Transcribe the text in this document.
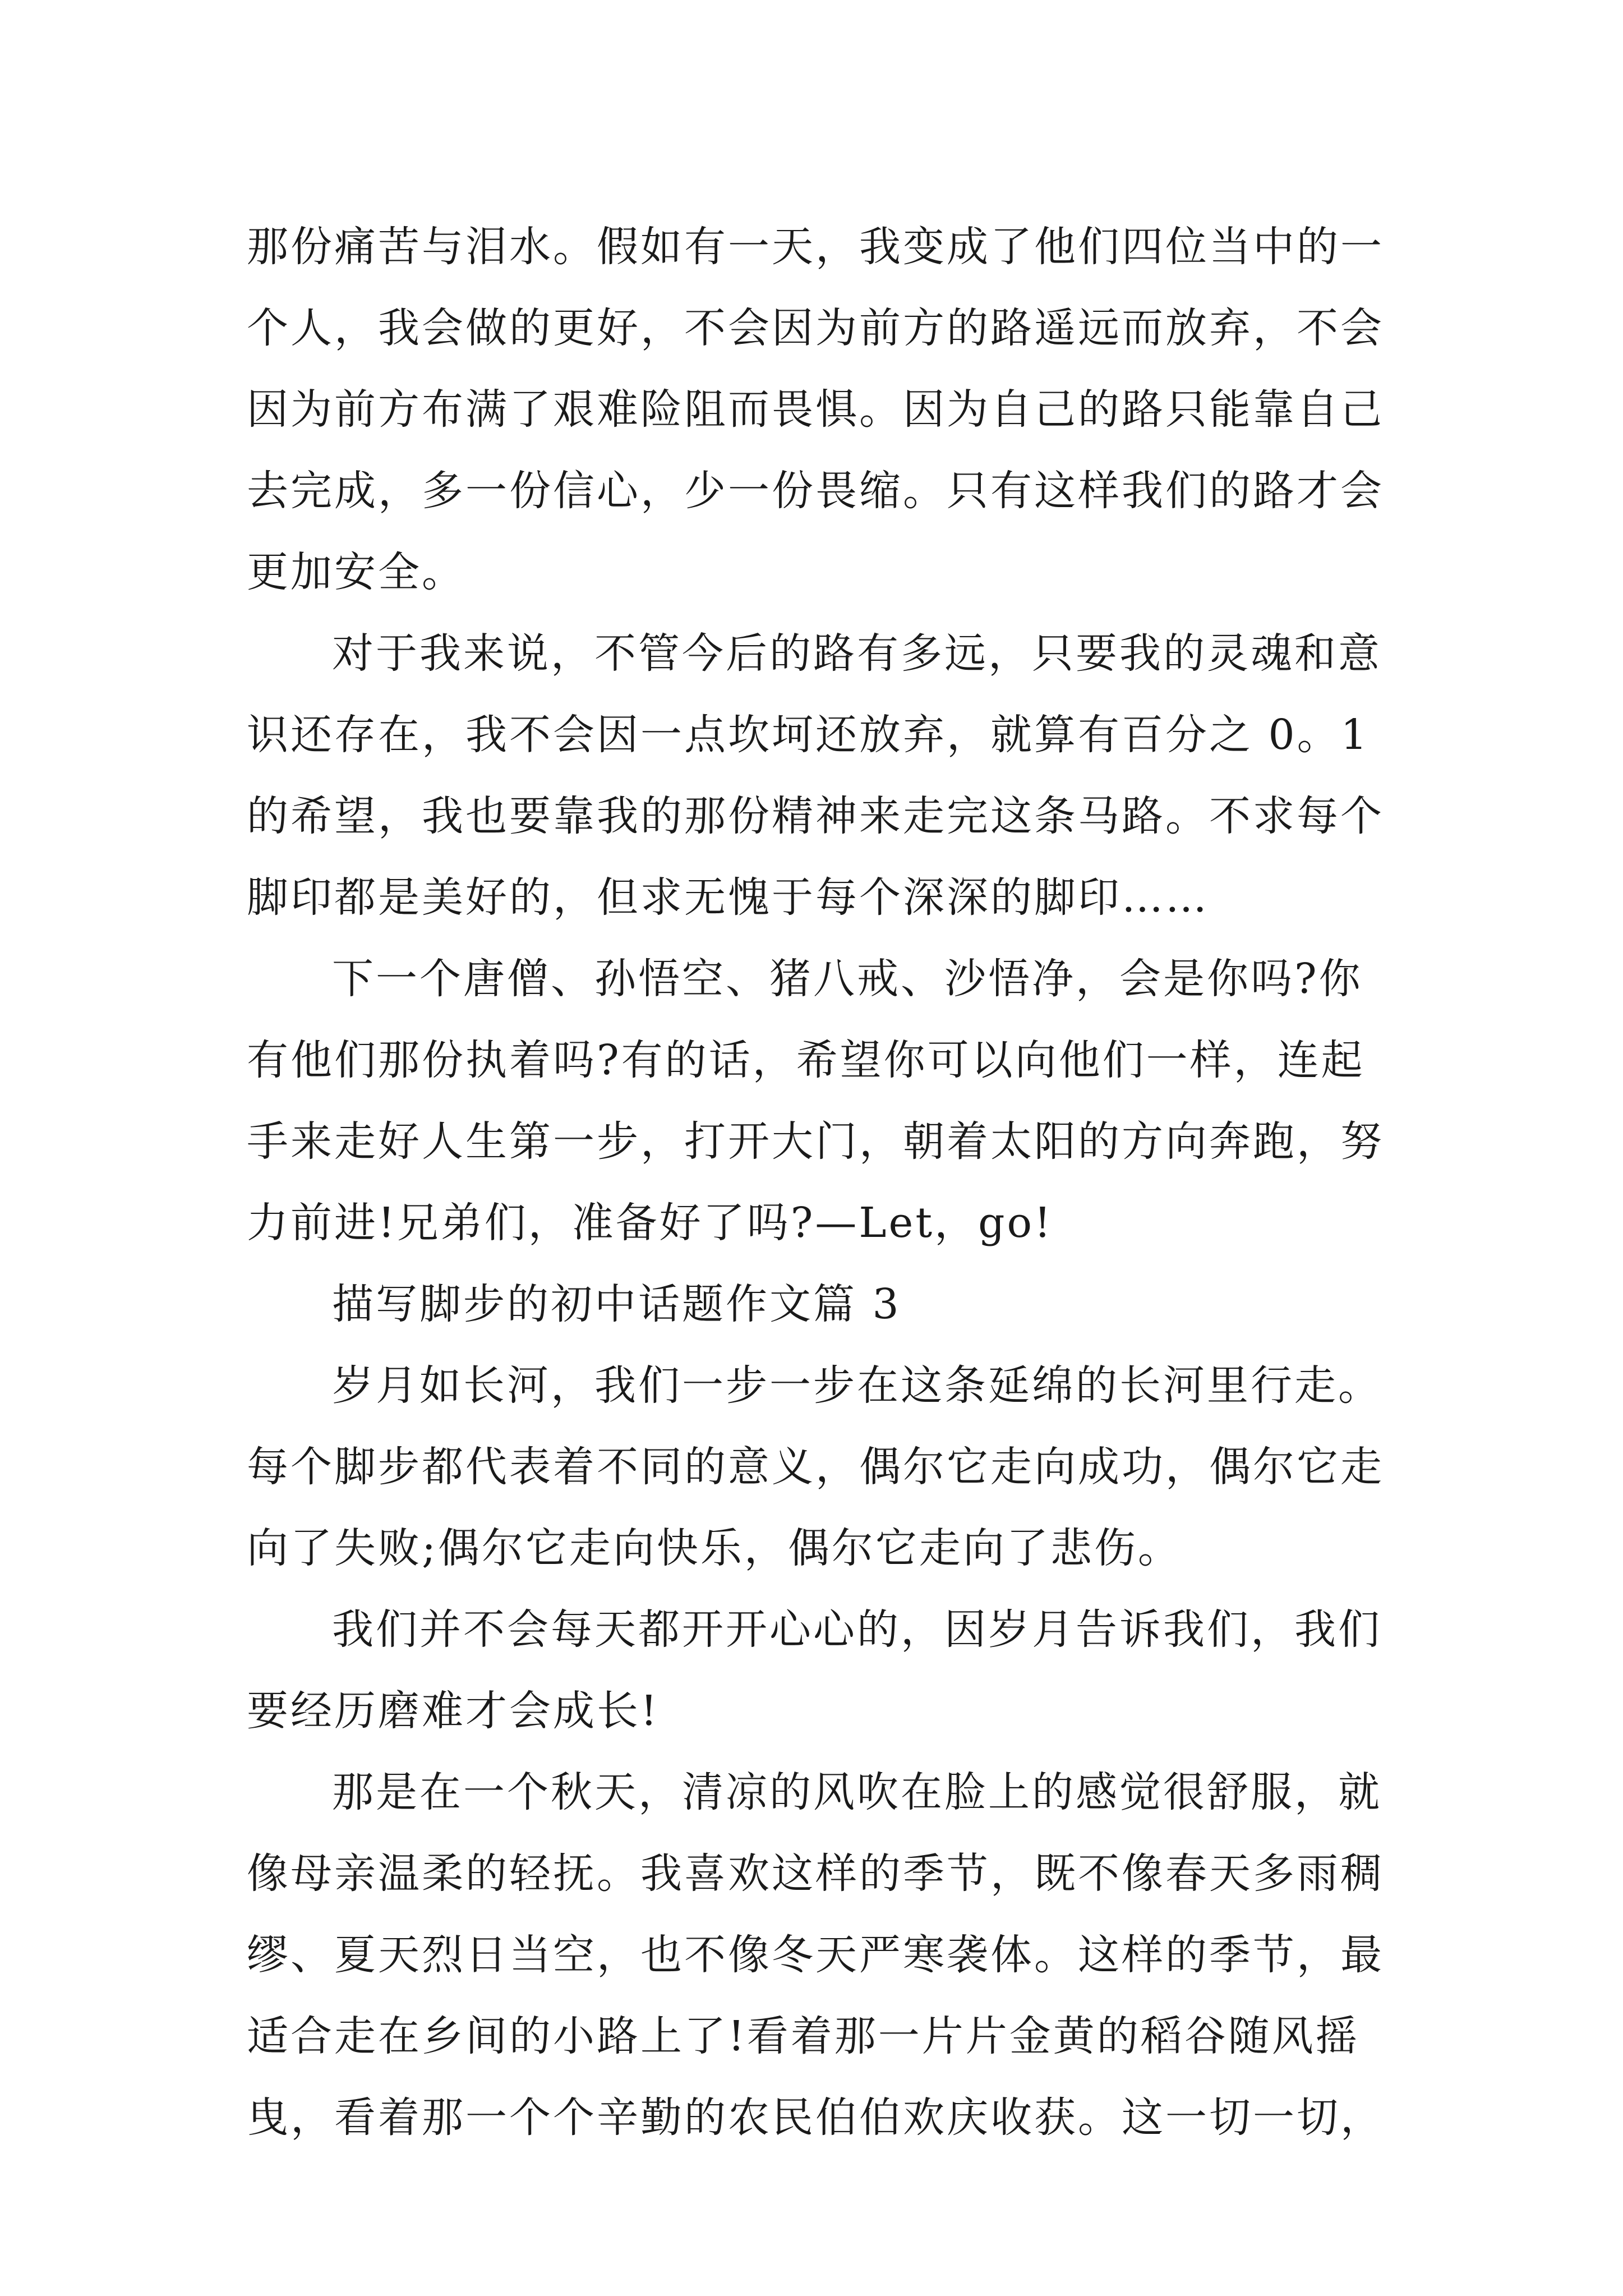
那份痛苦与泪水。假如有一天，我变成了他们四位当中的一
个人，我会做的更好，不会因为前方的路遥远而放弃，不会
因为前方布满了艰难险阻而畏惧。因为自己的路只能靠自己
去完成，多一份信心，少一份畏缩。只有这样我们的路才会
更加安全。
对于我来说，不管今后的路有多远，只要我的灵魂和意
识还存在，我不会因一点坎坷还放弃，就算有百分之 0。1
的希望，我也要靠我的那份精神来走完这条马路。不求每个
脚印都是美好的，但求无愧于每个深深的脚印……
下一个唐僧、孙悟空、猪八戒、沙悟净，会是你吗?你
有他们那份执着吗?有的话，希望你可以向他们一样，连起
手来走好人生第一步，打开大门，朝着太阳的方向奔跑，努
力前进!兄弟们，准备好了吗?—Let，go!
描写脚步的初中话题作文篇 3
岁月如长河，我们一步一步在这条延绵的长河里行走。
每个脚步都代表着不同的意义，偶尔它走向成功，偶尔它走
向了失败;偶尔它走向快乐，偶尔它走向了悲伤。
我们并不会每天都开开心心的，因岁月告诉我们，我们
要经历磨难才会成长!
那是在一个秋天，清凉的风吹在脸上的感觉很舒服，就
像母亲温柔的轻抚。我喜欢这样的季节，既不像春天多雨稠
缪、夏天烈日当空，也不像冬天严寒袭体。这样的季节，最
适合走在乡间的小路上了!看着那一片片金黄的稻谷随风摇
曳，看着那一个个辛勤的农民伯伯欢庆收获。这一切一切，
